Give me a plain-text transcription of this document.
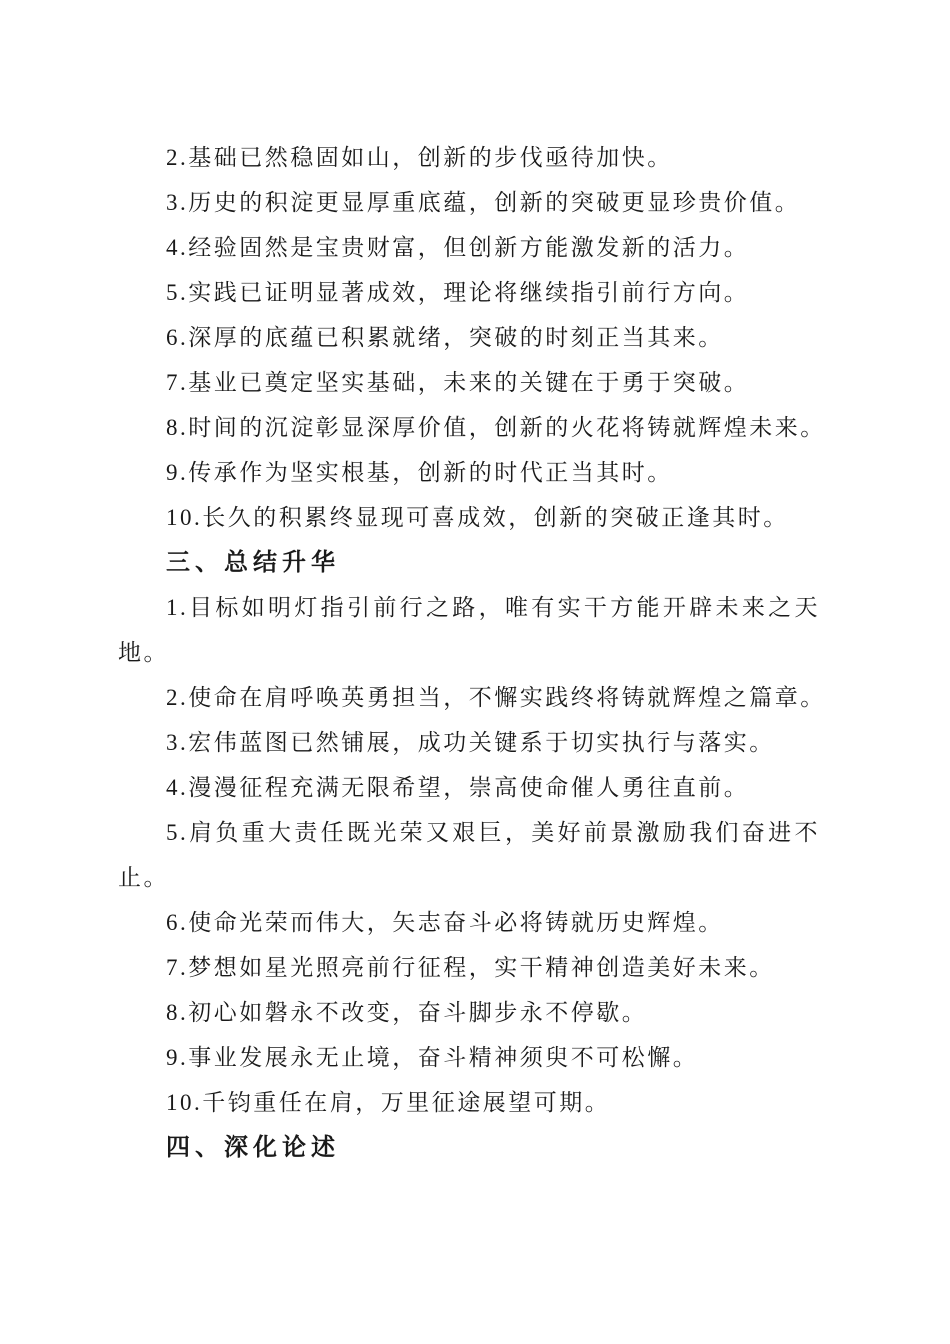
2.基础已然稳固如山，创新的步伐亟待加快。
3.历史的积淀更显厚重底蕴，创新的突破更显珍贵价值。
4.经验固然是宝贵财富，但创新方能激发新的活力。
5.实践已证明显著成效，理论将继续指引前行方向。
6.深厚的底蕴已积累就绪，突破的时刻正当其来。
7.基业已奠定坚实基础，未来的关键在于勇于突破。
8.时间的沉淀彰显深厚价值，创新的火花将铸就辉煌未来。
9.传承作为坚实根基，创新的时代正当其时。
10.长久的积累终显现可喜成效，创新的突破正逢其时。
三、总结升华
1.目标如明灯指引前行之路，唯有实干方能开辟未来之天
地。
2.使命在肩呼唤英勇担当，不懈实践终将铸就辉煌之篇章。
3.宏伟蓝图已然铺展，成功关键系于切实执行与落实。
4.漫漫征程充满无限希望，崇高使命催人勇往直前。
5.肩负重大责任既光荣又艰巨，美好前景激励我们奋进不
止。
6.使命光荣而伟大，矢志奋斗必将铸就历史辉煌。
7.梦想如星光照亮前行征程，实干精神创造美好未来。
8.初心如磐永不改变，奋斗脚步永不停歇。
9.事业发展永无止境，奋斗精神须臾不可松懈。
10.千钧重任在肩，万里征途展望可期。
四、深化论述
